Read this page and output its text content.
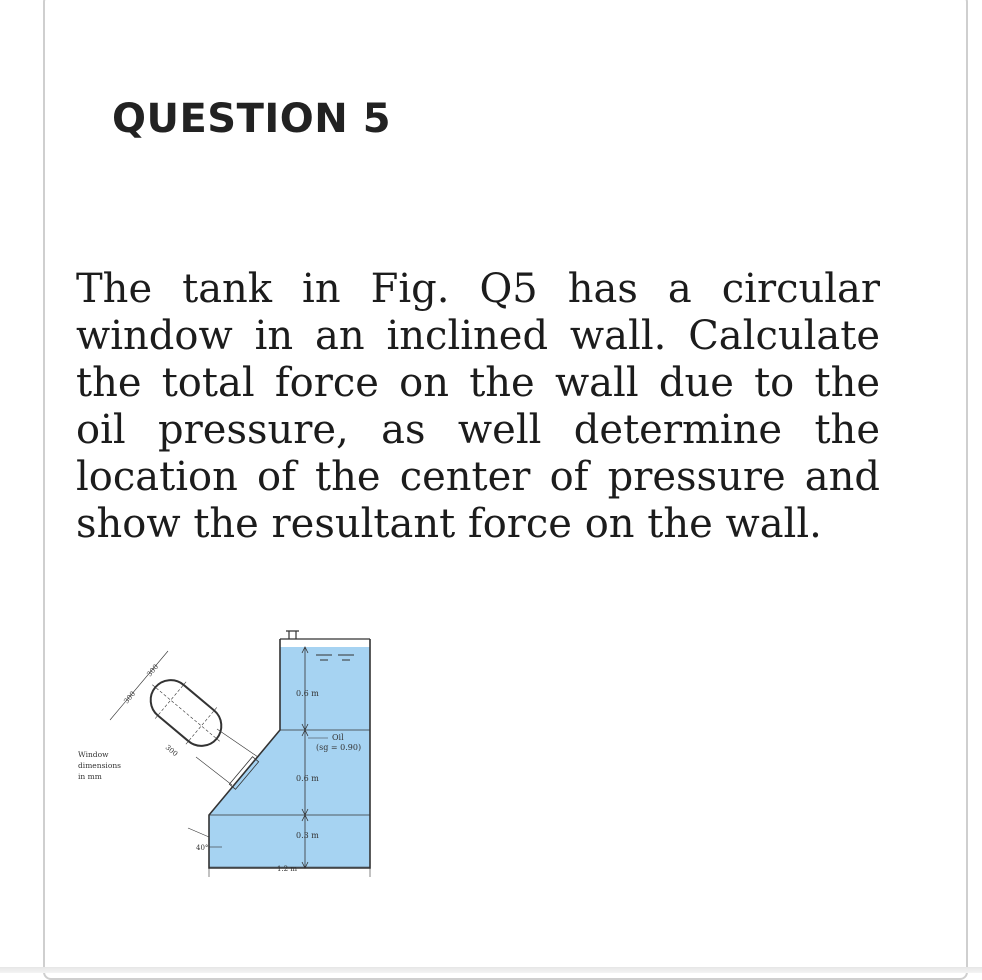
QUESTION 5
The tank in Fig. Q5 has a circular window in an inclined wall. Calculate the total force on the wall due to the oil pressure, as well determine the location of the center of pressure and show the resultant force on the wall.
0.6 m
0.6 m
0.3 m
Oil
(sg = 0.90)
300
300
300
Window
dimensions
in mm
40°
1.2 m
